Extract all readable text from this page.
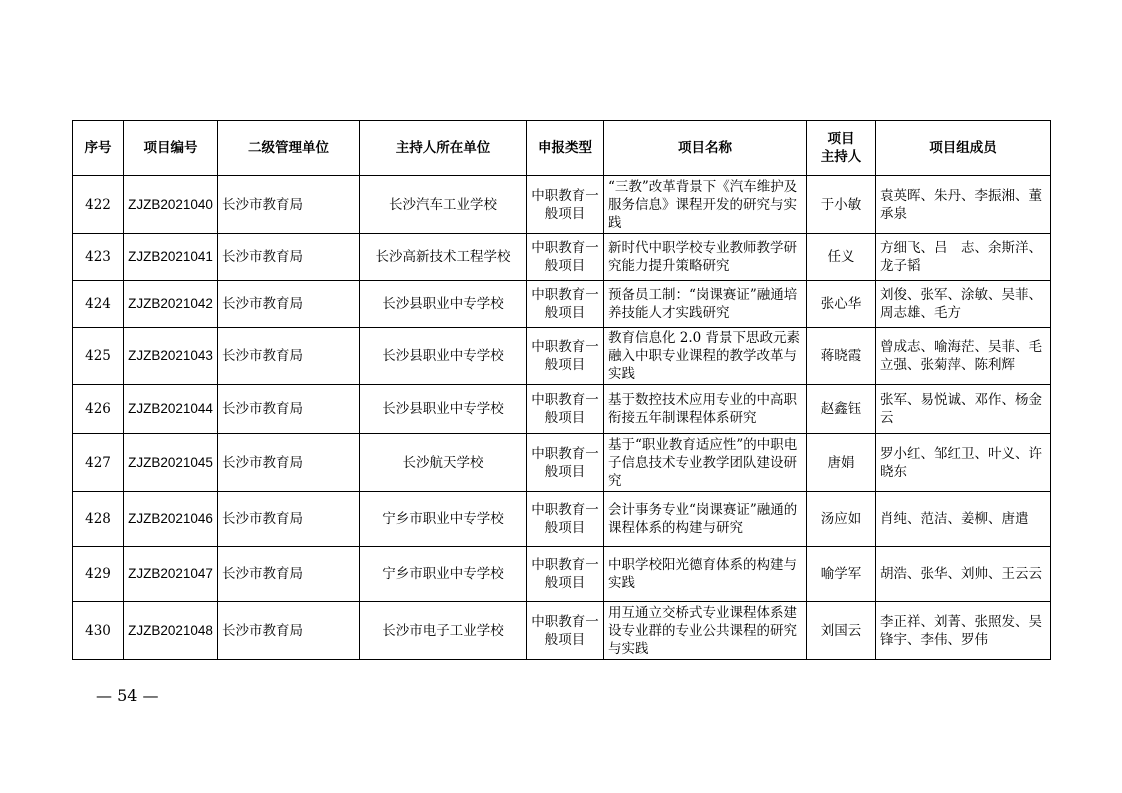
序号	项目编号	二级管理单位	主持人所在单位	申报类型	项目名称	项目
主持人	项目组成员
422	ZJZB2021040	长沙市教育局	长沙汽车工业学校	中职教育一般项目	“三教”改革背景下《汽车维护及服务信息》课程开发的研究与实践	于小敏	袁英晖、朱丹、李振湘、董承泉
423	ZJZB2021041	长沙市教育局	长沙高新技术工程学校	中职教育一般项目	新时代中职学校专业教师教学研究能力提升策略研究	任义	方细飞、吕　志、余斯洋、龙子韬
424	ZJZB2021042	长沙市教育局	长沙县职业中专学校	中职教育一般项目	预备员工制：“岗课赛证”融通培养技能人才实践研究	张心华	刘俊、张军、涂敏、吴菲、周志雄、毛方
425	ZJZB2021043	长沙市教育局	长沙县职业中专学校	中职教育一般项目	教育信息化 2.0 背景下思政元素融入中职专业课程的教学改革与实践	蒋晓霞	曾成志、喻海茫、吴菲、毛立强、张菊萍、陈利辉
426	ZJZB2021044	长沙市教育局	长沙县职业中专学校	中职教育一般项目	基于数控技术应用专业的中高职衔接五年制课程体系研究	赵鑫钰	张军、易悦诚、邓作、杨金云
427	ZJZB2021045	长沙市教育局	长沙航天学校	中职教育一般项目	基于“职业教育适应性”的中职电子信息技术专业教学团队建设研究	唐娟	罗小红、邹红卫、叶义、许晓东
428	ZJZB2021046	长沙市教育局	宁乡市职业中专学校	中职教育一般项目	会计事务专业“岗课赛证”融通的课程体系的构建与研究	汤应如	肖纯、范洁、姜柳、唐遣
429	ZJZB2021047	长沙市教育局	宁乡市职业中专学校	中职教育一般项目	中职学校阳光德育体系的构建与实践	喻学军	胡浩、张华、刘帅、王云云
430	ZJZB2021048	长沙市教育局	长沙市电子工业学校	中职教育一般项目	用互通立交桥式专业课程体系建设专业群的专业公共课程的研究与实践	刘国云	李正祥、刘菁、张照发、吴锋宇、李伟、罗伟
— 54 —
